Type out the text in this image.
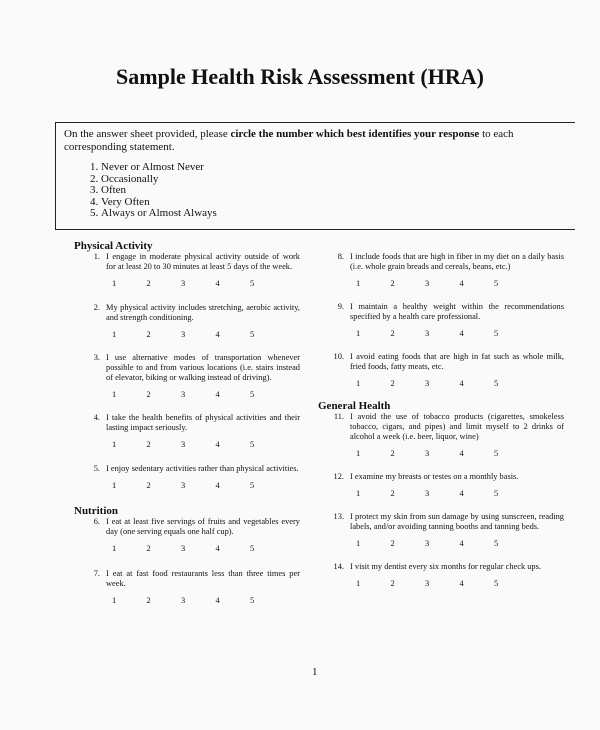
Sample Health Risk Assessment (HRA)
On the answer sheet provided, please circle the number which best identifies your response to each corresponding statement.
1. Never or Almost Never
2. Occasionally
3. Often
4. Very Often
5. Always or Almost Always
Physical Activity
1. I engage in moderate physical activity outside of work for at least 20 to 30 minutes at least 5 days of the week.
1	2	3	4	5
2. My physical activity includes stretching, aerobic activity, and strength conditioning.
1	2	3	4	5
3. I use alternative modes of transportation whenever possible to and from various locations (i.e. stairs instead of elevator, biking or walking instead of driving).
1	2	3	4	5
4. I take the health benefits of physical activities and their lasting impact seriously.
1	2	3	4	5
5. I enjoy sedentary activities rather than physical activities.
1	2	3	4	5
Nutrition
6. I eat at least five servings of fruits and vegetables every day (one serving equals one half cup).
1	2	3	4	5
7. I eat at fast food restaurants less than three times per week.
1	2	3	4	5
8. I include foods that are high in fiber in my diet on a daily basis (i.e. whole grain breads and cereals, beans, etc.)
1	2	3	4	5
9. I maintain a healthy weight within the recommendations specified by a health care professional.
1	2	3	4	5
10. I avoid eating foods that are high in fat such as whole milk, fried foods, fatty meats, etc.
1	2	3	4	5
General Health
11. I avoid the use of tobacco products (cigarettes, smokeless tobacco, cigars, and pipes) and limit myself to 2 drinks of alcohol a week (i.e. beer, liquor, wine)
1	2	3	4	5
12. I examine my breasts or testes on a monthly basis.
1	2	3	4	5
13. I protect my skin from sun damage by using sunscreen, reading labels, and/or avoiding tanning booths and tanning beds.
1	2	3	4	5
14. I visit my dentist every six months for regular check ups.
1	2	3	4	5
1
